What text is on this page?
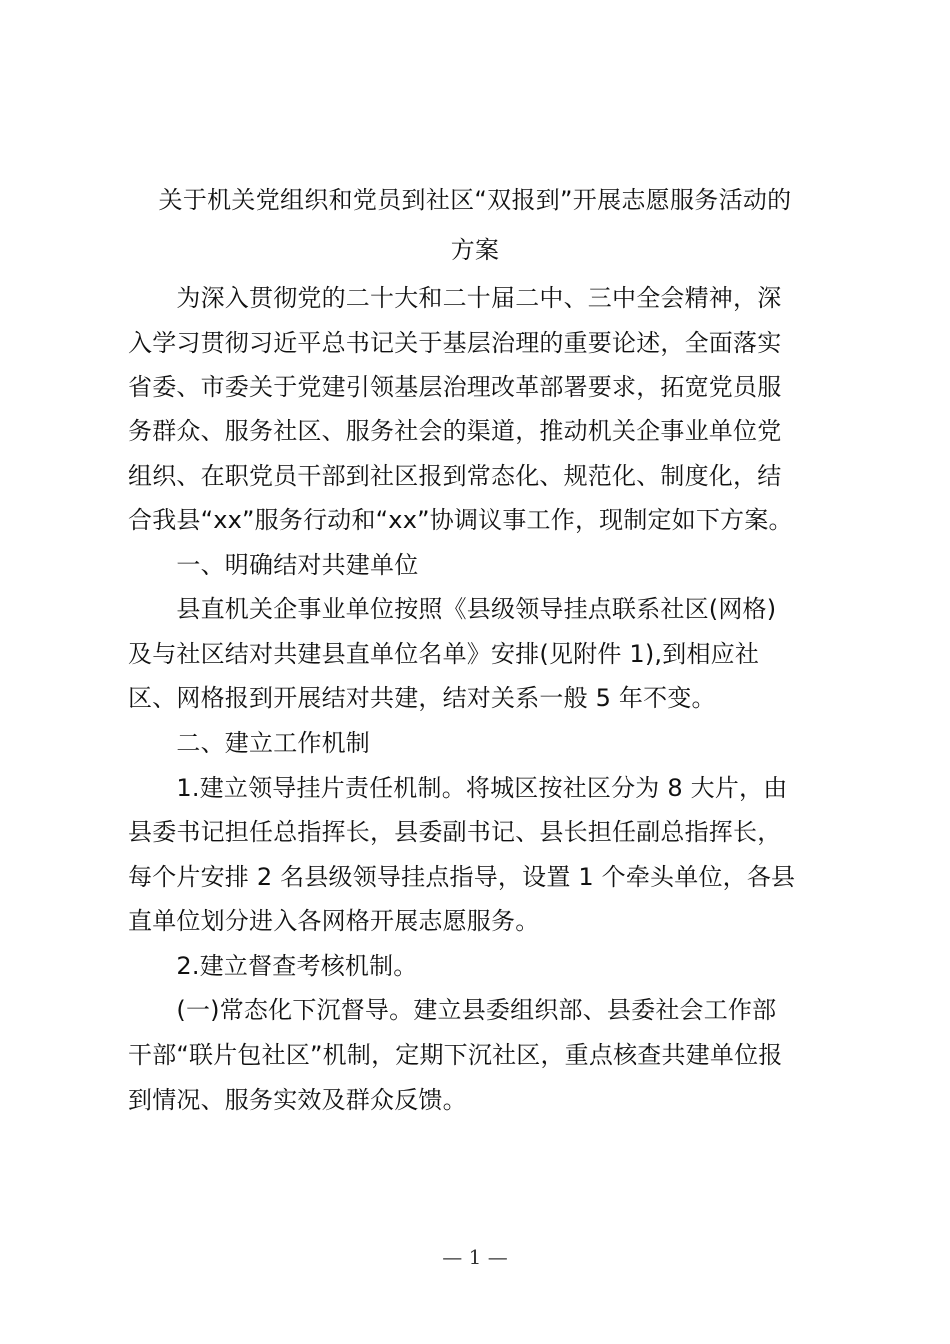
关于机关党组织和党员到社区“双报到”开展志愿服务活动的
方案
　　为深入贯彻党的二十大和二十届二中、三中全会精神，深
入学习贯彻习近平总书记关于基层治理的重要论述，全面落实
省委、市委关于党建引领基层治理改革部署要求，拓宽党员服
务群众、服务社区、服务社会的渠道，推动机关企事业单位党
组织、在职党员干部到社区报到常态化、规范化、制度化，结
合我县“xx”服务行动和“xx”协调议事工作，现制定如下方案。
　　一、明确结对共建单位
　　县直机关企事业单位按照《县级领导挂点联系社区(网格)
及与社区结对共建县直单位名单》安排(见附件 1),到相应社
区、网格报到开展结对共建，结对关系一般 5 年不变。
　　二、建立工作机制
　　1.建立领导挂片责任机制。将城区按社区分为 8 大片，由
县委书记担任总指挥长，县委副书记、县长担任副总指挥长，
每个片安排 2 名县级领导挂点指导，设置 1 个牵头单位，各县
直单位划分进入各网格开展志愿服务。
　　2.建立督查考核机制。
　　(一)常态化下沉督导。建立县委组织部、县委社会工作部
干部“联片包社区”机制，定期下沉社区，重点核查共建单位报
到情况、服务实效及群众反馈。
— 1 —
